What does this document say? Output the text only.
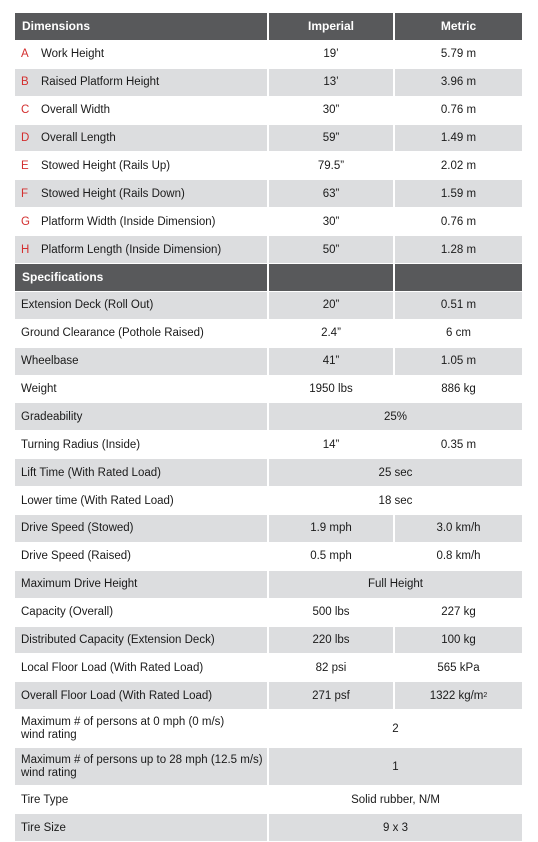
Dimensions	Imperial	Metric
A	Work Height	19’	5.79 m
B	Raised Platform Height	13’	3.96 m
C	Overall Width	30”	0.76 m
D	Overall Length	59”	1.49 m
E	Stowed Height (Rails Up)	79.5”	2.02 m
F	Stowed Height (Rails Down)	63”	1.59 m
G Platform Width (Inside Dimension)	30”	0.76 m
H	Platform Length (Inside Dimension)	50”	1.28 m
Specifications
Extension Deck (Roll Out)	20”	0.51 m
Ground Clearance (Pothole Raised)	2.4”	6 cm
Wheelbase	41”	1.05 m
Weight	1950 lbs	886 kg
Gradeability	25%
Turning Radius (Inside)	14”	0.35 m
Lift Time (With Rated Load)	25 sec
Lower time (With Rated Load)	18 sec
Drive Speed (Stowed)	1.9 mph	3.0 km/h
Drive Speed (Raised)	0.5 mph	0.8 km/h
Maximum Drive Height	Full Height
Capacity (Overall)	500 lbs	227 kg
Distributed Capacity (Extension Deck)	220 lbs	100 kg
Local Floor Load (With Rated Load)	82 psi	565 kPa
Overall Floor Load (With Rated Load)	271 psf	1322 kg/m 2
Maximum # of persons at 0 mph (0 m/s)
wind rating	2
Maximum # of persons up to 28 mph (12.5 m/s)
wind rating	1
Tire Type	Solid rubber, N/M
Tire Size	9 x 3
